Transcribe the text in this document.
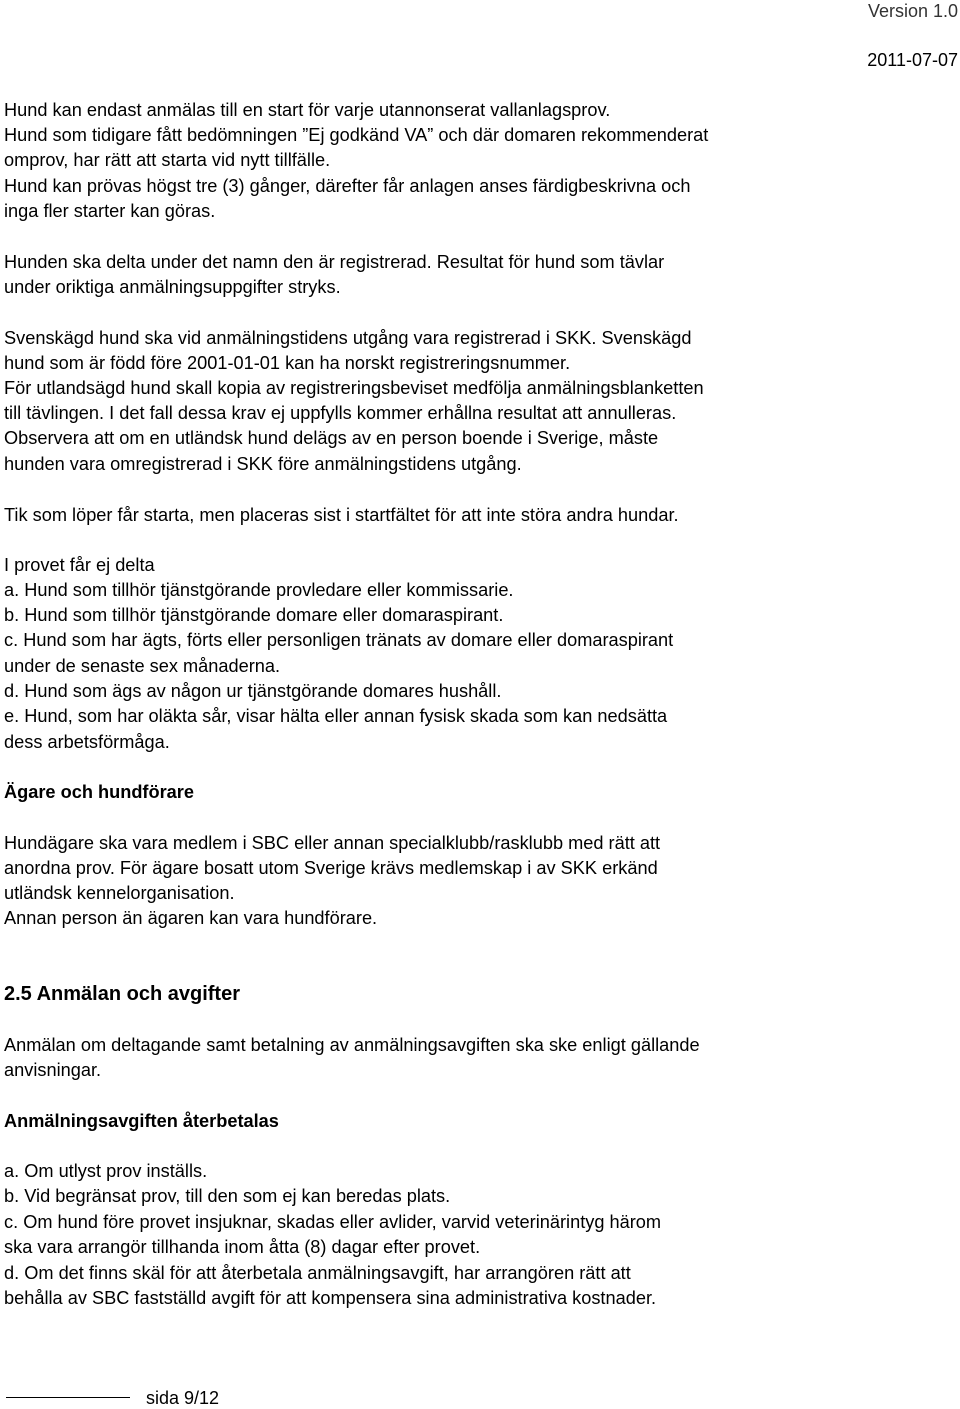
Version 1.0
2011-07-07
Hund kan endast anmälas till en start för varje utannonserat vallanlagsprov.
Hund som tidigare fått bedömningen ”Ej godkänd VA” och där domaren rekommenderat
omprov, har rätt att starta vid nytt tillfälle.
Hund kan prövas högst tre (3) gånger, därefter får anlagen anses färdigbeskrivna och
inga fler starter kan göras.
Hunden ska delta under det namn den är registrerad. Resultat för hund som tävlar
under oriktiga anmälningsuppgifter stryks.
Svenskägd hund ska vid anmälningstidens utgång vara registrerad i SKK. Svenskägd
hund som är född före 2001-01-01 kan ha norskt registreringsnummer.
För utlandsägd hund skall kopia av registreringsbeviset medfölja anmälningsblanketten
till tävlingen. I det fall dessa krav ej uppfylls kommer erhållna resultat att annulleras.
Observera att om en utländsk hund delägs av en person boende i Sverige, måste
hunden vara omregistrerad i SKK före anmälningstidens utgång.
Tik som löper får starta, men placeras sist i startfältet för att inte störa andra hundar.
I provet får ej delta
a. Hund som tillhör tjänstgörande provledare eller kommissarie.
b. Hund som tillhör tjänstgörande domare eller domaraspirant.
c. Hund som har ägts, förts eller personligen tränats av domare eller domaraspirant
under de senaste sex månaderna.
d. Hund som ägs av någon ur tjänstgörande domares hushåll.
e. Hund, som har oläkta sår, visar hälta eller annan fysisk skada som kan nedsätta
dess arbetsförmåga.
Ägare och hundförare
Hundägare ska vara medlem i SBC eller annan specialklubb/rasklubb med rätt att
anordna prov. För ägare bosatt utom Sverige krävs medlemskap i av SKK erkänd
utländsk kennelorganisation.
Annan person än ägaren kan vara hundförare.
2.5 Anmälan och avgifter
Anmälan om deltagande samt betalning av anmälningsavgiften ska ske enligt gällande
anvisningar.
Anmälningsavgiften återbetalas
a. Om utlyst prov inställs.
b. Vid begränsat prov, till den som ej kan beredas plats.
c. Om hund före provet insjuknar, skadas eller avlider, varvid veterinärintyg härom
ska vara arrangör tillhanda inom åtta (8) dagar efter provet.
d. Om det finns skäl för att återbetala anmälningsavgift, har arrangören rätt att
behålla av SBC fastställd avgift för att kompensera sina administrativa kostnader.
sida 9/12
